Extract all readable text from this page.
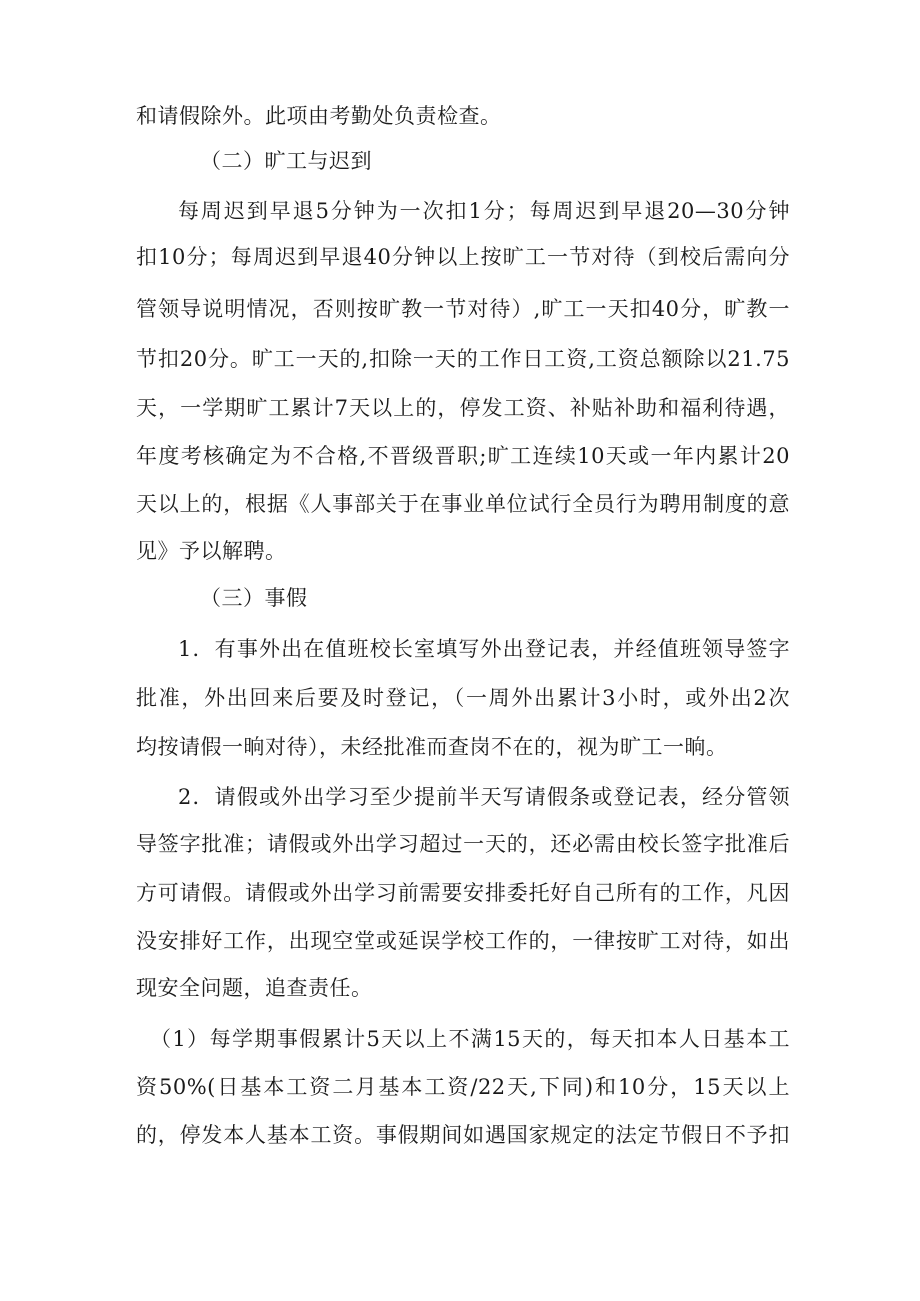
和请假除外。此项由考勤处负责检查。
（二）旷工与迟到
每周迟到早退5分钟为一次扣1分；每周迟到早退20—30分钟
扣10分；每周迟到早退40分钟以上按旷工一节对待（到校后需向分
管领导说明情况，否则按旷教一节对待）,旷工一天扣40分，旷教一
节扣20分。旷工一天的,扣除一天的工作日工资,工资总额除以21.75
天，一学期旷工累计7天以上的，停发工资、补贴补助和福利待遇，
年度考核确定为不合格,不晋级晋职;旷工连续10天或一年内累计20
天以上的，根据《人事部关于在事业单位试行全员行为聘用制度的意
见》予以解聘。
（三）事假
1．有事外出在值班校长室填写外出登记表，并经值班领导签字
批准，外出回来后要及时登记，（一周外出累计3小时，或外出2次
均按请假一晌对待），未经批准而查岗不在的，视为旷工一晌。
2．请假或外出学习至少提前半天写请假条或登记表，经分管领
导签字批准；请假或外出学习超过一天的，还必需由校长签字批准后
方可请假。请假或外出学习前需要安排委托好自己所有的工作，凡因
没安排好工作，出现空堂或延误学校工作的，一律按旷工对待，如出
现安全问题，追查责任。
（1）每学期事假累计5天以上不满15天的，每天扣本人日基本工
资50%(日基本工资二月基本工资/22天,下同)和10分，15天以上
的，停发本人基本工资。事假期间如遇国家规定的法定节假日不予扣
